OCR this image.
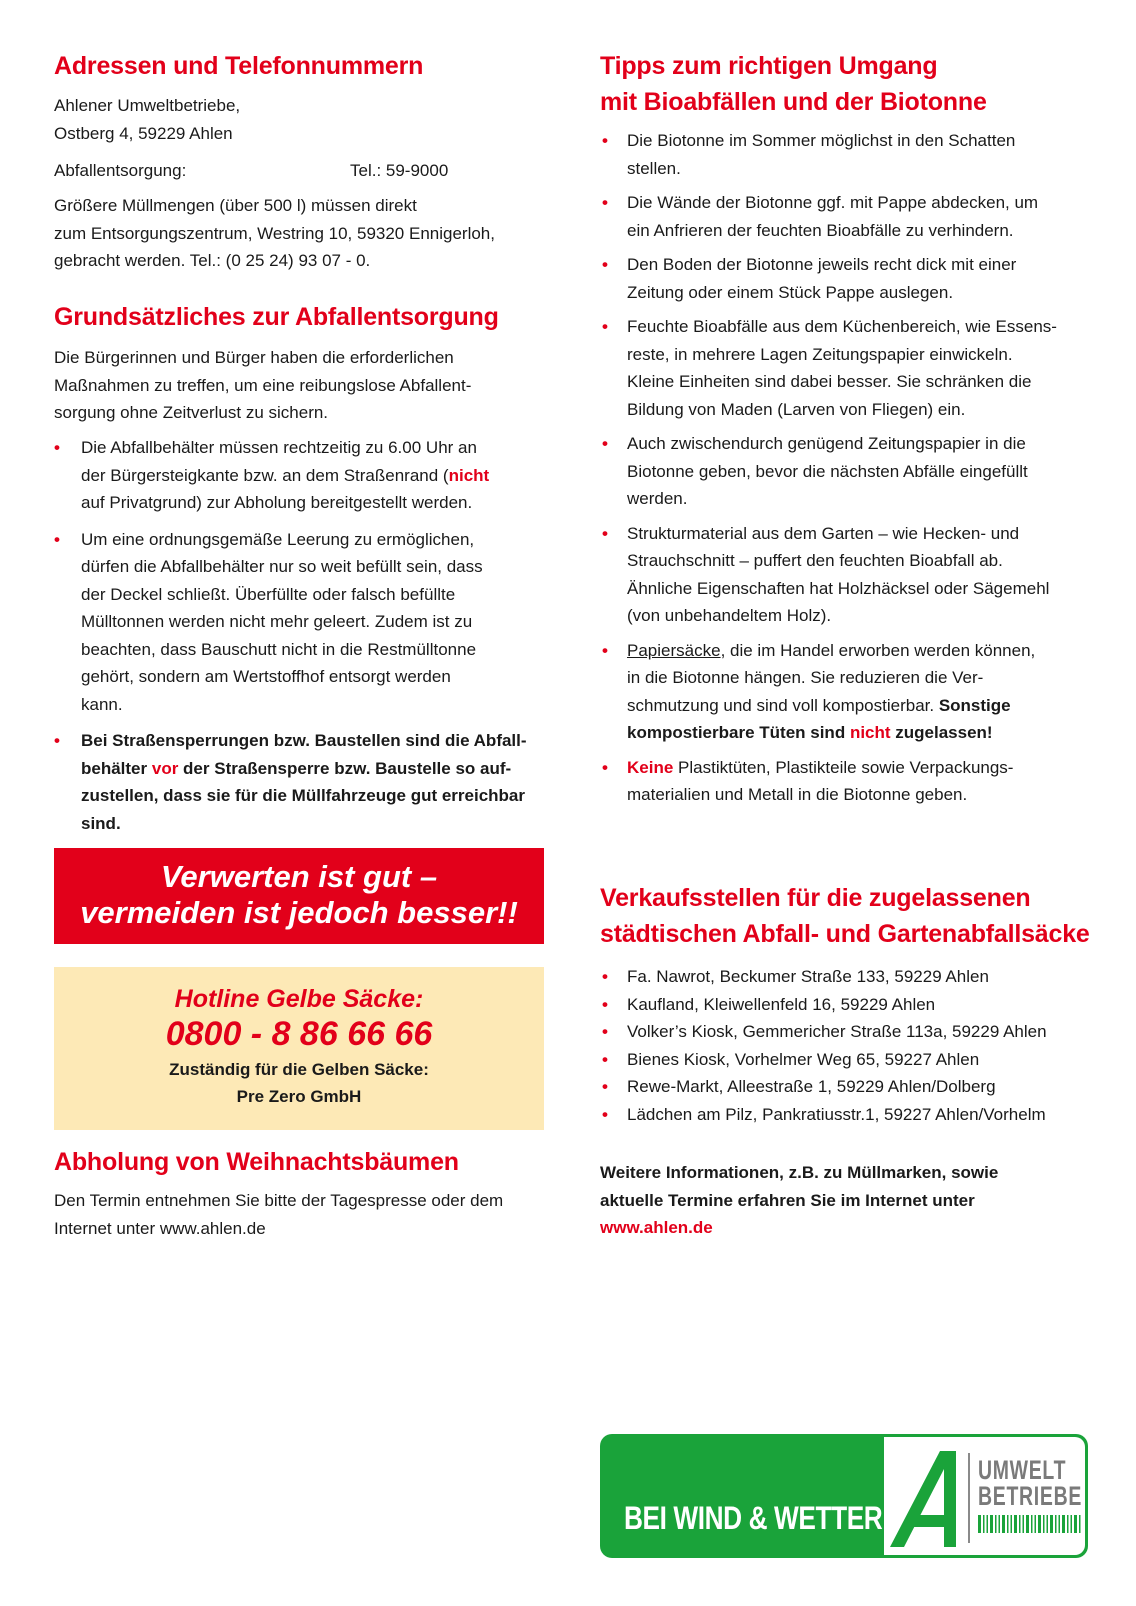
Adressen und Telefonnummern
Ahlener Umweltbetriebe,
Ostberg 4, 59229 Ahlen
Abfallentsorgung:	Tel.: 59-9000
Größere Müllmengen (über 500 l) müssen direkt
zum Entsorgungszentrum, Westring 10, 59320 Ennigerloh,
gebracht werden. Tel.: (0 25 24) 93 07 - 0.
Grundsätzliches zur Abfallentsorgung
Die Bürgerinnen und Bürger haben die erforderlichen
Maßnahmen zu treffen, um eine reibungslose Abfallent-
sorgung ohne Zeitverlust zu sichern.
• Die Abfallbehälter müssen rechtzeitig zu 6.00 Uhr an
der Bürgersteigkante bzw. an dem Straßenrand (nicht
auf Privatgrund) zur Abholung bereitgestellt werden.
• Um eine ordnungsgemäße Leerung zu ermöglichen,
dürfen die Abfallbehälter nur so weit befüllt sein, dass
der Deckel schließt. Überfüllte oder falsch befüllte
Mülltonnen werden nicht mehr geleert. Zudem ist zu
beachten, dass Bauschutt nicht in die Restmülltonne
gehört, sondern am Wertstoffhof entsorgt werden
kann.
• Bei Straßensperrungen bzw. Baustellen sind die Abfall-
behälter vor der Straßensperre bzw. Baustelle so auf-
zustellen, dass sie für die Müllfahrzeuge gut erreichbar
sind.
Verwerten ist gut –
vermeiden ist jedoch besser!!
Hotline Gelbe Säcke:
0800 - 8 86 66 66
Zuständig für die Gelben Säcke:
Pre Zero GmbH
Abholung von Weihnachtsbäumen
Den Termin entnehmen Sie bitte der Tagespresse oder dem
Internet unter www.ahlen.de
Tipps zum richtigen Umgang
mit Bioabfällen und der Biotonne
• Die Biotonne im Sommer möglichst in den Schatten
stellen.
• Die Wände der Biotonne ggf. mit Pappe abdecken, um
ein Anfrieren der feuchten Bioabfälle zu verhindern.
• Den Boden der Biotonne jeweils recht dick mit einer
Zeitung oder einem Stück Pappe auslegen.
• Feuchte Bioabfälle aus dem Küchenbereich, wie Essens-
reste, in mehrere Lagen Zeitungspapier einwickeln.
Kleine Einheiten sind dabei besser. Sie schränken die
Bildung von Maden (Larven von Fliegen) ein.
• Auch zwischendurch genügend Zeitungspapier in die
Biotonne geben, bevor die nächsten Abfälle eingefüllt
werden.
• Strukturmaterial aus dem Garten – wie Hecken- und
Strauchschnitt – puffert den feuchten Bioabfall ab.
Ähnliche Eigenschaften hat Holzhäcksel oder Sägemehl
(von unbehandeltem Holz).
• Papiersäcke, die im Handel erworben werden können,
in die Biotonne hängen. Sie reduzieren die Ver-
schmutzung und sind voll kompostierbar. Sonstige
kompostierbare Tüten sind nicht zugelassen!
• Keine Plastiktüten, Plastikteile sowie Verpackungs-
materialien und Metall in die Biotonne geben.
Verkaufsstellen für die zugelassenen
städtischen Abfall- und Gartenabfallsäcke
• Fa. Nawrot, Beckumer Straße 133, 59229 Ahlen
• Kaufland, Kleiwellenfeld 16, 59229 Ahlen
• Volker’s Kiosk, Gemmericher Straße 113a, 59229 Ahlen
• Bienes Kiosk, Vorhelmer Weg 65, 59227 Ahlen
• Rewe-Markt, Alleestraße 1, 59229 Ahlen/Dolberg
• Lädchen am Pilz, Pankratiusstr.1, 59227 Ahlen/Vorhelm
Weitere Informationen, z.B. zu Müllmarken, sowie
aktuelle Termine erfahren Sie im Internet unter
www.ahlen.de
BEI WIND & WETTER
UMWELT
BETRIEBE
